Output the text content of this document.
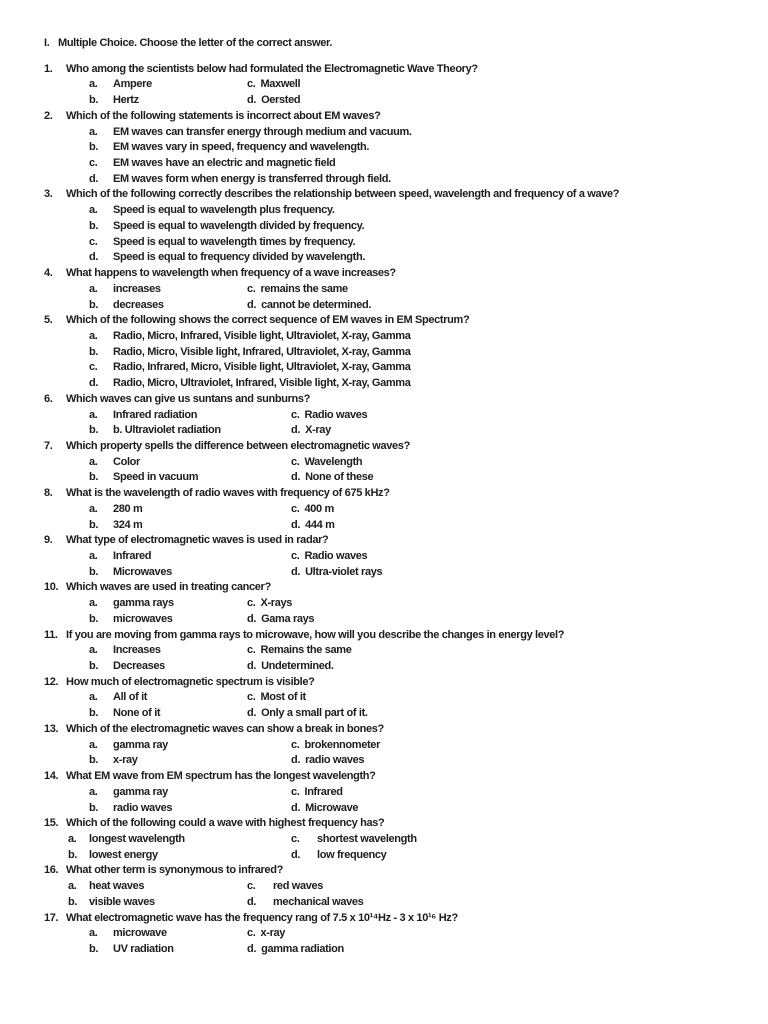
I. Multiple Choice. Choose the letter of the correct answer.
1.	Who among the scientists below had formulated the Electromagnetic Wave Theory?
a. Ampere	c. Maxwell
b. Hertz	d. Oersted
2.	Which of the following statements is incorrect about EM waves?
a. EM waves can transfer energy through medium and vacuum.
b. EM waves vary in speed, frequency and wavelength.
c. EM waves have an electric and magnetic field
d. EM waves form when energy is transferred through field.
3.	Which of the following correctly describes the relationship between speed, wavelength and frequency of a wave?
a. Speed is equal to wavelength plus frequency.
b. Speed is equal to wavelength divided by frequency.
c. Speed is equal to wavelength times by frequency.
d. Speed is equal to frequency divided by wavelength.
4.	What happens to wavelength when frequency of a wave increases?
a. increases	c. remains the same
b. decreases	d. cannot be determined.
5.	Which of the following shows the correct sequence of EM waves in EM Spectrum?
a. Radio, Micro, Infrared, Visible light, Ultraviolet, X-ray, Gamma
b. Radio, Micro, Visible light, Infrared, Ultraviolet, X-ray, Gamma
c. Radio, Infrared, Micro, Visible light, Ultraviolet, X-ray, Gamma
d. Radio, Micro, Ultraviolet, Infrared, Visible light, X-ray, Gamma
6.	Which waves can give us suntans and sunburns?
a. Infrared radiation	c. Radio waves
b. b. Ultraviolet radiation	d. X-ray
7.	Which property spells the difference between electromagnetic waves?
a. Color	c. Wavelength
b. Speed in vacuum	d. None of these
8.	What is the wavelength of radio waves with frequency of 675 kHz?
a. 280 m	c. 400 m
b. 324 m	d. 444 m
9.	What type of electromagnetic waves is used in radar?
a. Infrared	c. Radio waves
b. Microwaves	d. Ultra-violet rays
10. Which waves are used in treating cancer?
a. gamma rays	c. X-rays
b. microwaves	d. Gama rays
11. If you are moving from gamma rays to microwave, how will you describe the changes in energy level?
a. Increases	c. Remains the same
b. Decreases	d. Undetermined.
12. How much of electromagnetic spectrum is visible?
a. All of it	c. Most of it
b. None of it	d. Only a small part of it.
13. Which of the electromagnetic waves can show a break in bones?
a. gamma ray	c. brokennometer
b. x-ray	d. radio waves
14. What EM wave from EM spectrum has the longest wavelength?
a. gamma ray	c. Infrared
b. radio waves	d. Microwave
15. Which of the following could a wave with highest frequency has?
a. longest wavelength	c. shortest wavelength
b. lowest energy	d. low frequency
16. What other term is synonymous to infrared?
a. heat waves	c. red waves
b. visible waves	d. mechanical waves
17. What electromagnetic wave has the frequency rang of 7.5 x 10¹⁴Hz - 3 x 10¹⁶ Hz?
a. microwave	c. x-ray
b. UV radiation	d. gamma radiation
